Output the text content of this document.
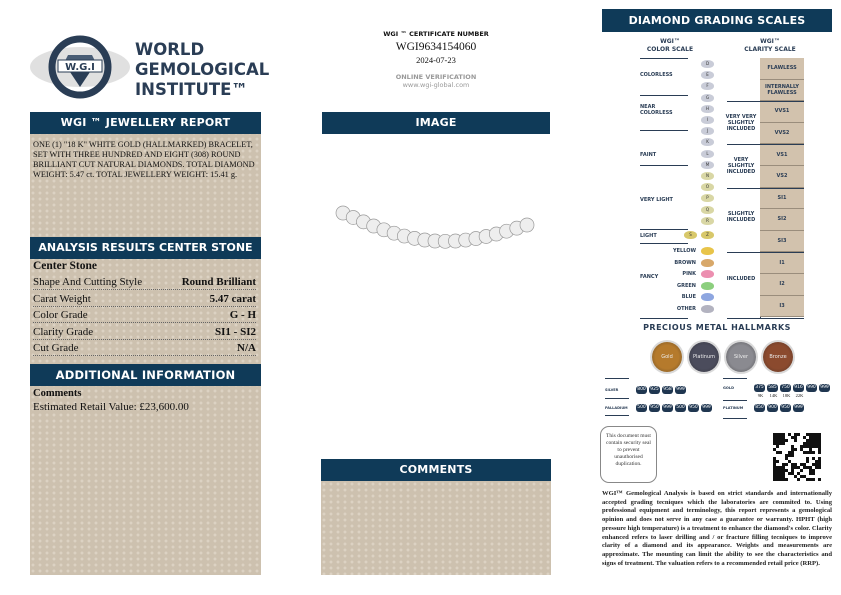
W.G.I
WORLD
GEMOLOGICAL
INSTITUTE™
WGI ™ JEWELLERY REPORT
ONE (1) "18 K" WHITE GOLD (HALLMARKED) BRACELET, SET WITH THREE HUNDRED AND EIGHT (308) ROUND BRILLIANT CUT NATURAL DIAMONDS. TOTAL DIAMOND WEIGHT: 5.47 ct. TOTAL JEWELLERY WEIGHT: 15.41 g.
ANALYSIS RESULTS CENTER STONE
Center Stone
Shape And Cutting Style	Round Brilliant
Carat Weight	5.47 carat
Color Grade	G - H
Clarity Grade	SI1 - SI2
Cut Grade	N/A
ADDITIONAL INFORMATION
Comments
Estimated Retail Value: £23,600.00
WGI ™ CERTIFICATE NUMBER
WGI9634154060
2024-07-23
ONLINE VERIFICATION
www.wgi-global.com
IMAGE
COMMENTS
DIAMOND GRADING SCALES
WGI™
COLOR SCALE
WGI™
CLARITY SCALE
D
E
F
G
H
I
J
K
L
M
N
O
P
Q
R
S	Z
YELLOW
BROWN
PINK
GREEN
BLUE
OTHER
COLORLESS
NEAR COLORLESS
FAINT
VERY LIGHT
LIGHT
FANCY
FLAWLESS
INTERNALLY FLAWLESS
VVS1
VVS2
VS1
VS2
SI1
SI2
SI3
I1
I2
I3
VERY VERY SLIGHTLY INCLUDED
VERY SLIGHTLY INCLUDED
SLIGHTLY INCLUDED
INCLUDED
PRECIOUS METAL HALLMARKS
Gold	Platinum	Silver	Bronze
SILVER	800 925 958 999
PALLADIUM 500 950 999 500 950 999
GOLD	375 585 750 916 990 999
PLATINUM	850 900 950 999
9K 14K 18K 22K
This document must contain security seal to prevent unauthorised duplication.
WGI™ Gemological Analysis is based on strict standards and internationally accepted grading tecniques which the laboratories are commited to. Using professional equipment and terminology, this report represents a gemological opinion and does not serve in any case a guarantee or warranty. HPHT (high pressure high temperature) is a treatment to enhance the diamond's color. Clarity enhanced refers to laser drilling and / or fracture filling tecniques to improve clarity of a diamond and its appearance. Weights and measurements are approximate. The mounting can limit the ability to see the characteristics and signs of treatment. The valuation refers to a recommended retail price (RRP).
